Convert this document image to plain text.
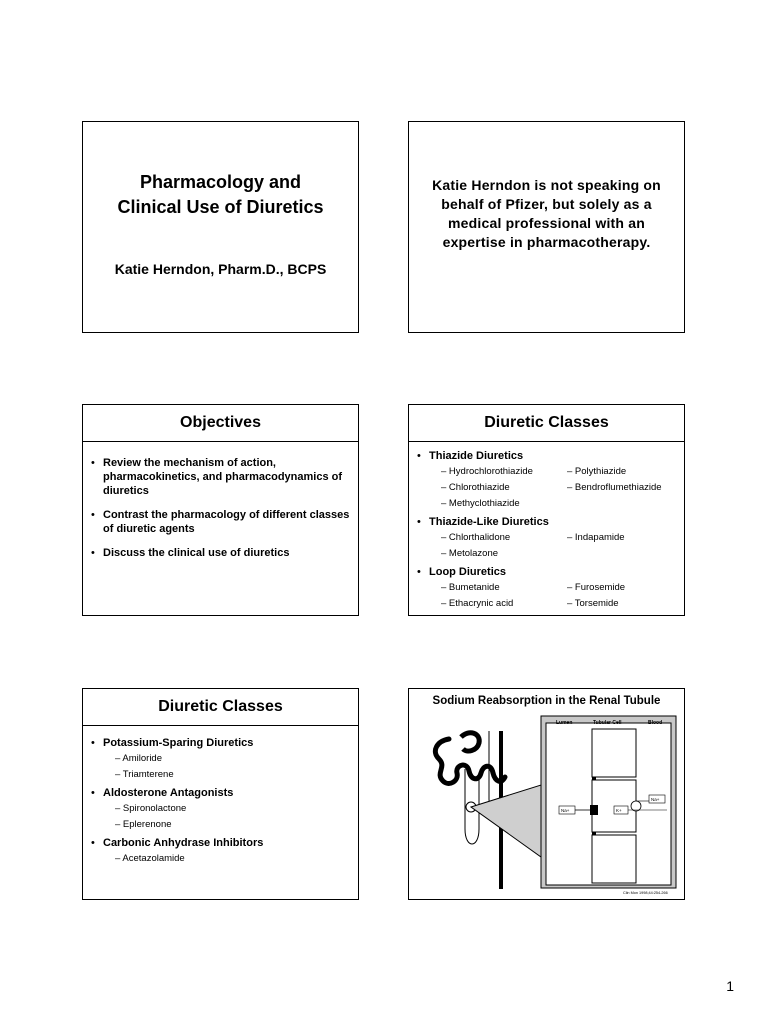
Pharmacology and
Clinical Use of Diuretics
Katie Herndon, Pharm.D., BCPS
Katie Herndon is not speaking on
behalf of Pfizer, but solely as a
medical professional with an
expertise in pharmacotherapy.
Objectives
• Review the mechanism of action, pharmacokinetics, and pharmacodynamics of diuretics
• Contrast the pharmacology of different classes of diuretic agents
• Discuss the clinical use of diuretics
Diuretic Classes
• Thiazide Diuretics
– Hydrochlorothiazide	– Polythiazide
– Chlorothiazide	– Bendroflumethiazide
– Methyclothiazide
• Thiazide-Like Diuretics
– Chlorthalidone	– Indapamide
– Metolazone
• Loop Diuretics
– Bumetanide	– Furosemide
– Ethacrynic acid	– Torsemide
Diuretic Classes
• Potassium-Sparing Diuretics
– Amiloride
– Triamterene
• Aldosterone Antagonists
– Spironolactone
– Eplerenone
• Carbonic Anhydrase Inhibitors
– Acetazolamide
Sodium Reabsorption in the Renal Tubule
Lumen	Tubular Cell	Blood
Na+	K+
Na+
Clin Mon 1998;44:254-266
1
